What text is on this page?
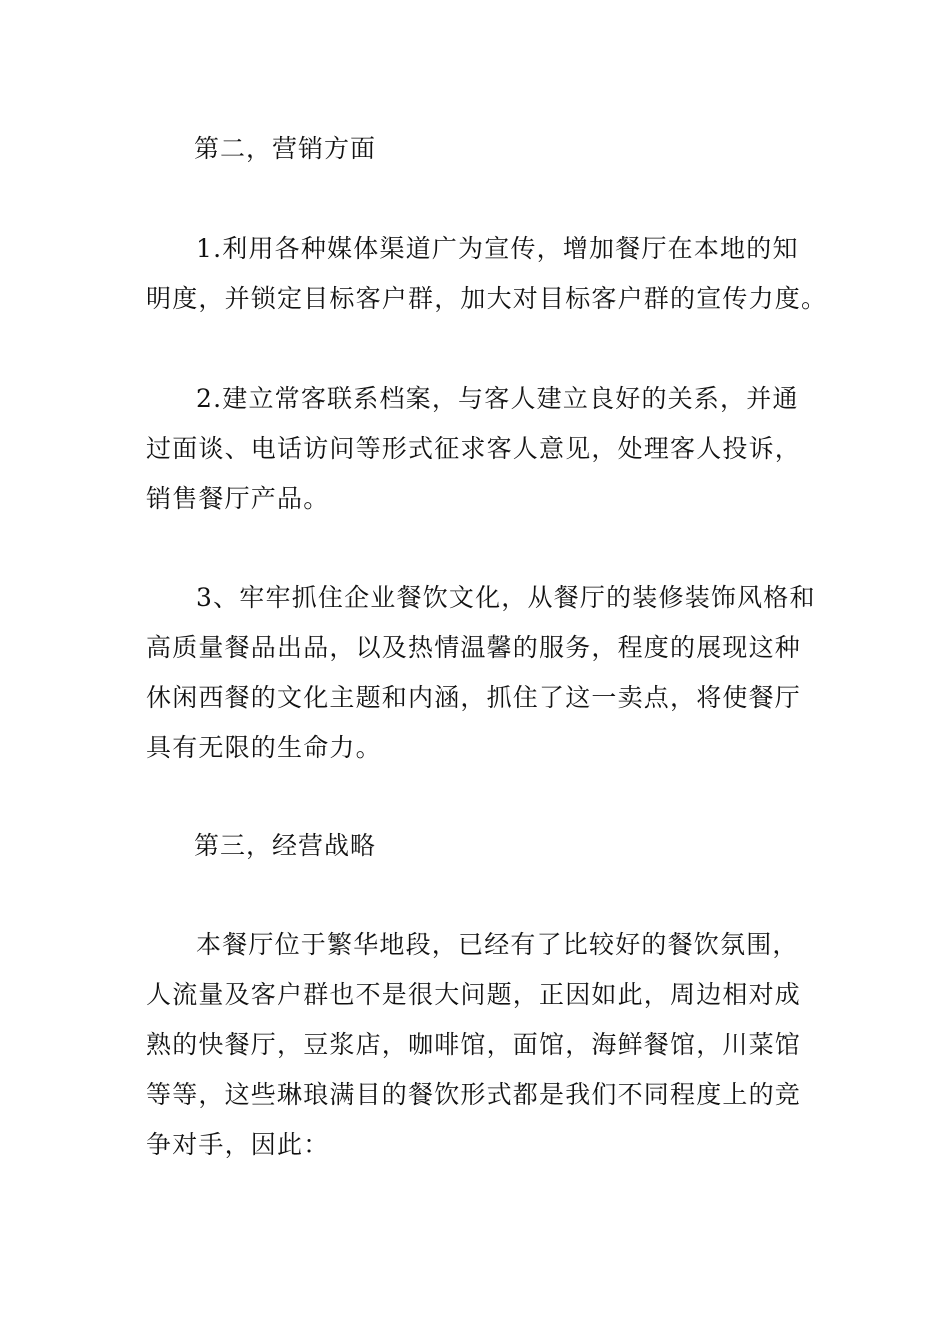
第二，营销方面
1.利用各种媒体渠道广为宣传，增加餐厅在本地的知
明度，并锁定目标客户群，加大对目标客户群的宣传力度。
2.建立常客联系档案，与客人建立良好的关系，并通
过面谈、电话访问等形式征求客人意见，处理客人投诉，
销售餐厅产品。
3、牢牢抓住企业餐饮文化，从餐厅的装修装饰风格和
高质量餐品出品，以及热情温馨的服务，程度的展现这种
休闲西餐的文化主题和内涵，抓住了这一卖点，将使餐厅
具有无限的生命力。
第三，经营战略
本餐厅位于繁华地段，已经有了比较好的餐饮氛围，
人流量及客户群也不是很大问题，正因如此，周边相对成
熟的快餐厅，豆浆店，咖啡馆，面馆，海鲜餐馆，川菜馆
等等，这些琳琅满目的餐饮形式都是我们不同程度上的竞
争对手，因此：
